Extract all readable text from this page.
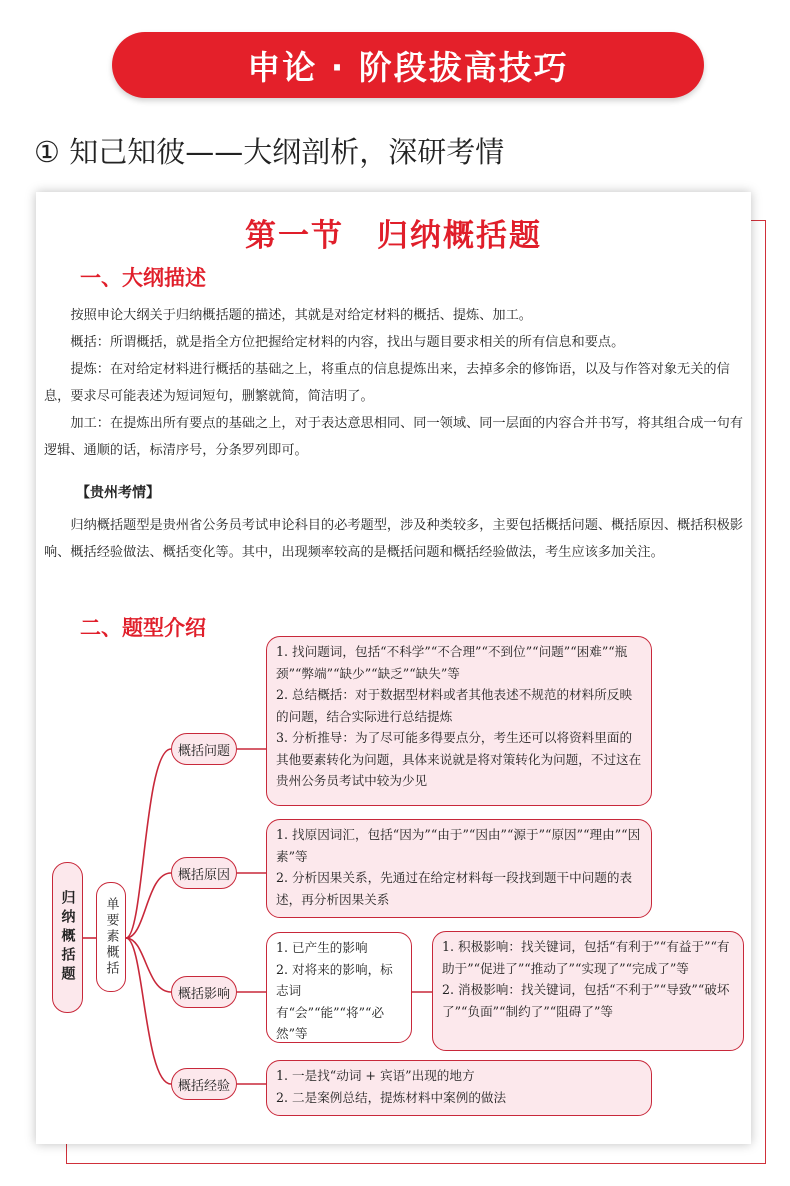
申论 · 阶段拔高技巧
① 知己知彼——大纲剖析，深研考情
第一节　归纳概括题
一、大纲描述

按照申论大纲关于归纳概括题的描述，其就是对给定材料的概括、提炼、加工。

概括：所谓概括，就是指全方位把握给定材料的内容，找出与题目要求相关的所有信息和要点。

提炼：在对给定材料进行概括的基础之上，将重点的信息提炼出来，去掉多余的修饰语，以及与作答对象无关的信息，要求尽可能表述为短词短句，删繁就简，简洁明了。

加工：在提炼出所有要点的基础之上，对于表达意思相同、同一领域、同一层面的内容合并书写，将其组合成一句有逻辑、通顺的话，标清序号，分条罗列即可。

【贵州考情】

归纳概括题型是贵州省公务员考试申论科目的必考题型，涉及种类较多，主要包括概括问题、概括原因、概括积极影响、概括经验做法、概括变化等。其中，出现频率较高的是概括问题和概括经验做法，考生应该多加关注。

二、题型介绍
归纳概括题	单要素概括
概括问题
概括原因
概括影响
概括经验

1. 找问题词，包括“不科学”“不合理”“不到位”“问题”“困难”“瓶颈”“弊端”“缺少”“缺乏”“缺失”等

2. 总结概括：对于数据型材料或者其他表述不规范的材料所反映的问题，结合实际进行总结提炼

3. 分析推导：为了尽可能多得要点分，考生还可以将资料里面的其他要素转化为问题，具体来说就是将对策转化为问题，不过这在贵州公务员考试中较为少见

1. 找原因词汇，包括“因为”“由于”“因由”“源于”“原因”“理由”“因素”等

2. 分析因果关系，先通过在给定材料每一段找到题干中问题的表述，再分析因果关系

1. 已产生的影响

2. 对将来的影响，标志词有“会”“能”“将”“必然”等

1. 积极影响：找关键词，包括“有利于”“有益于”“有助于”“促进了”“推动了”“实现了”“完成了”等

2. 消极影响：找关键词，包括“不利于”“导致”“破坏了”“负面”“制约了”“阻碍了”等

1. 一是找“动词 + 宾语”出现的地方

2. 二是案例总结，提炼材料中案例的做法
